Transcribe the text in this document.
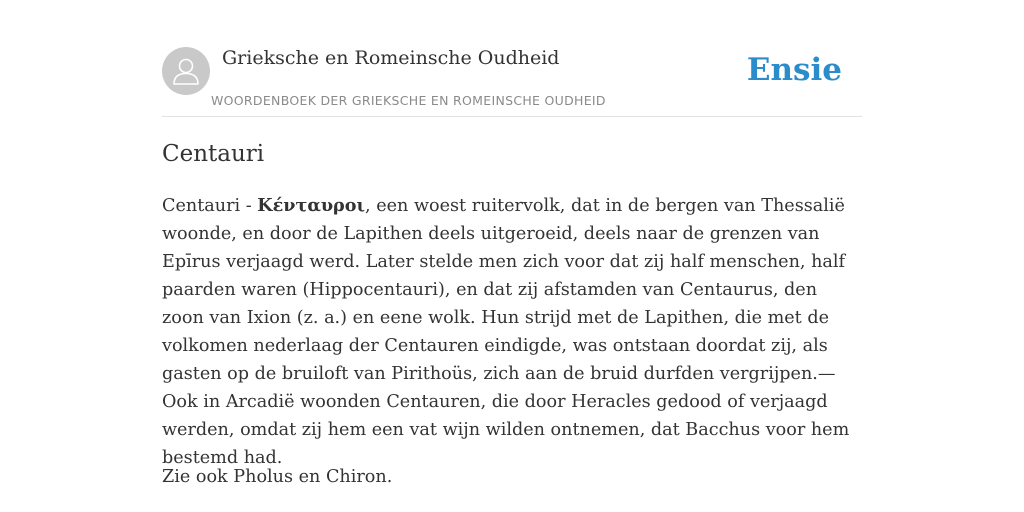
Grieksche en Romeinsche Oudheid
WOORDENBOEK DER GRIEKSCHE EN ROMEINSCHE OUDHEID
Ensie
Centauri

Centauri - Κένταυροι, een woest ruitervolk, dat in de bergen van Thessalië woonde, en door de Lapithen deels uitgeroeid, deels naar de grenzen van Epīrus verjaagd werd. Later stelde men zich voor dat zij half menschen, half paarden waren (Hippocentauri), en dat zij afstamden van Centaurus, den zoon van Ixion (z. a.) en eene wolk. Hun strijd met de Lapithen, die met de volkomen nederlaag der Centauren eindigde, was ontstaan doordat zij, als gasten op de bruiloft van Pirithoüs, zich aan de bruid durfden vergrijpen.—Ook in Arcadië woonden Centauren, die door Heracles gedood of verjaagd werden, omdat zij hem een vat wijn wilden ontnemen, dat Bacchus voor hem bestemd had.

Zie ook Pholus en Chiron.
